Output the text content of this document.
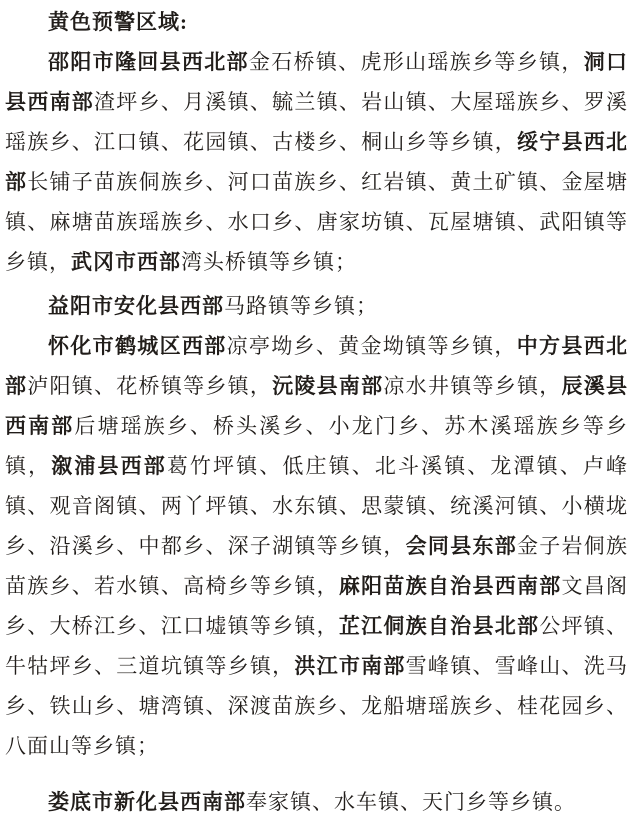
黄色预警区域:

邵阳市隆回县西北部金石桥镇、虎形山瑶族乡等乡镇，洞口县西南部渣坪乡、月溪镇、毓兰镇、岩山镇、大屋瑶族乡、罗溪瑶族乡、江口镇、花园镇、古楼乡、桐山乡等乡镇，绥宁县西北部长铺子苗族侗族乡、河口苗族乡、红岩镇、黄土矿镇、金屋塘镇、麻塘苗族瑶族乡、水口乡、唐家坊镇、瓦屋塘镇、武阳镇等乡镇，武冈市西部湾头桥镇等乡镇；

益阳市安化县西部马路镇等乡镇；

怀化市鹤城区西部凉亭坳乡、黄金坳镇等乡镇，中方县西北部泸阳镇、花桥镇等乡镇，沅陵县南部凉水井镇等乡镇，辰溪县西南部后塘瑶族乡、桥头溪乡、小龙门乡、苏木溪瑶族乡等乡镇，溆浦县西部葛竹坪镇、低庄镇、北斗溪镇、龙潭镇、卢峰镇、观音阁镇、两丫坪镇、水东镇、思蒙镇、统溪河镇、小横垅乡、沿溪乡、中都乡、深子湖镇等乡镇，会同县东部金子岩侗族苗族乡、若水镇、高椅乡等乡镇，麻阳苗族自治县西南部文昌阁乡、大桥江乡、江口墟镇等乡镇，芷江侗族自治县北部公坪镇、牛牯坪乡、三道坑镇等乡镇，洪江市南部雪峰镇、雪峰山、洗马乡、铁山乡、塘湾镇、深渡苗族乡、龙船塘瑶族乡、桂花园乡、八面山等乡镇；

娄底市新化县西南部奉家镇、水车镇、天门乡等乡镇。
